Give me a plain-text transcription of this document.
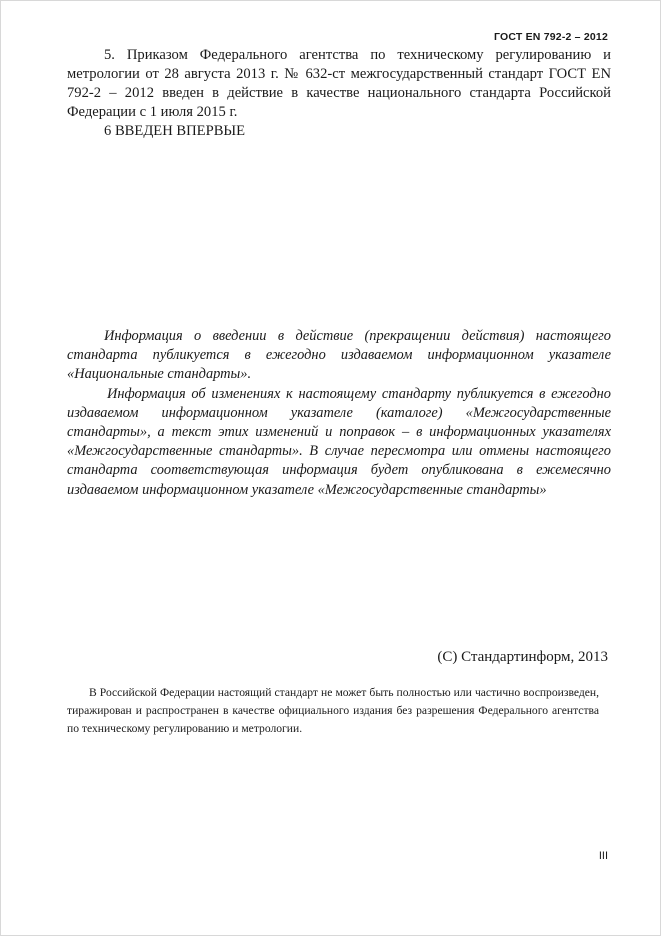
ГОСТ EN 792-2 – 2012

5. Приказом Федерального агентства по техническому регулированию и метрологии от 28 августа 2013 г. № 632-ст межгосударственный стандарт ГОСТ EN 792-2 – 2012 введен в действие в качестве национального стандарта Российской Федерации с 1 июля 2015 г.

6 ВВЕДЕН ВПЕРВЫЕ

Информация о введении в действие (прекращении действия) настоящего стандарта публикуется в ежегодно издаваемом информационном указателе «Национальные стандарты».

Информация об изменениях к настоящему стандарту публикуется в ежегодно издаваемом информационном указателе (каталоге) «Межгосударственные стандарты», а текст этих изменений и поправок – в информационных указателях «Межгосударственные стандарты». В случае пересмотра или отмены настоящего стандарта соответствующая информация будет опубликована в ежемесячно издаваемом информационном указателе «Межгосударственные стандарты»

(С) Стандартинформ, 2013

В Российской Федерации настоящий стандарт не может быть полностью или частично воспроизведен, тиражирован и распространен в качестве официального издания без разрешения Федерального агентства по техническому регулированию и метрологии.

III
